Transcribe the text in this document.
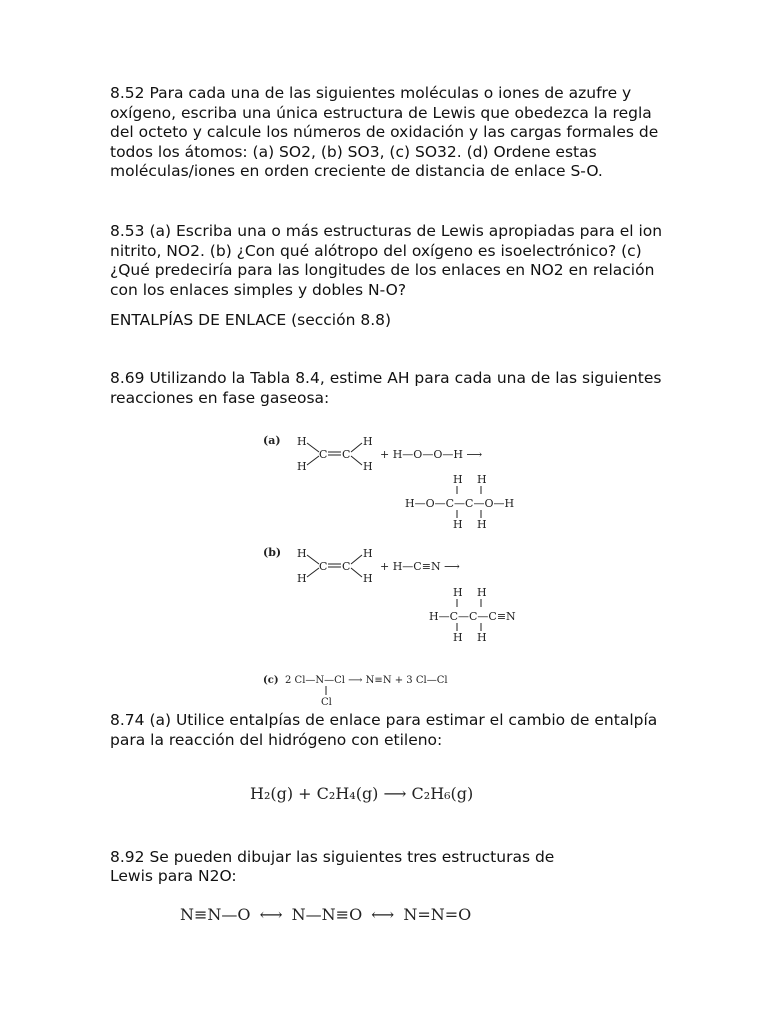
8.52 Para cada una de las siguientes moléculas o iones de azufre y oxígeno, escriba una única estructura de Lewis que obedezca la regla del octeto y calcule los números de oxidación y las cargas formales de todos los átomos: (a) SO2, (b) SO3, (c) SO32. (d) Ordene estas moléculas/iones en orden creciente de distancia de enlace S-O.

8.53 (a) Escriba una o más estructuras de Lewis apropiadas para el ion nitrito, NO2. (b) ¿Con qué alótropo del oxígeno es isoelectrónico? (c) ¿Qué predeciría para las longitudes de los enlaces en NO2 en relación con los enlaces simples y dobles N-O?

ENTALPÍAS DE ENLACE (sección 8.8)

8.69 Utilizando la Tabla 8.4, estime AH para cada una de las siguientes reacciones en fase gaseosa:

(a) H	H
H	H
C C	+ H—O—O—H ⟶
H H
H—O—C—C—O—H
H H
(b) H	H
H	H
C C	+ H—C≡N ⟶
H H
H—C—C—C≡N
H H
(c) 2 Cl—N—Cl ⟶ N≡N + 3 Cl—Cl
Cl

8.74 (a) Utilice entalpías de enlace para estimar el cambio de entalpía para la reacción del hidrógeno con etileno:

H₂(g) + C₂H₄(g) ⟶ C₂H₆(g)

8.92 Se pueden dibujar las siguientes tres estructuras de

Lewis para N2O:

N≡N—O ⟷ N—N≡O ⟷ N=N=O
